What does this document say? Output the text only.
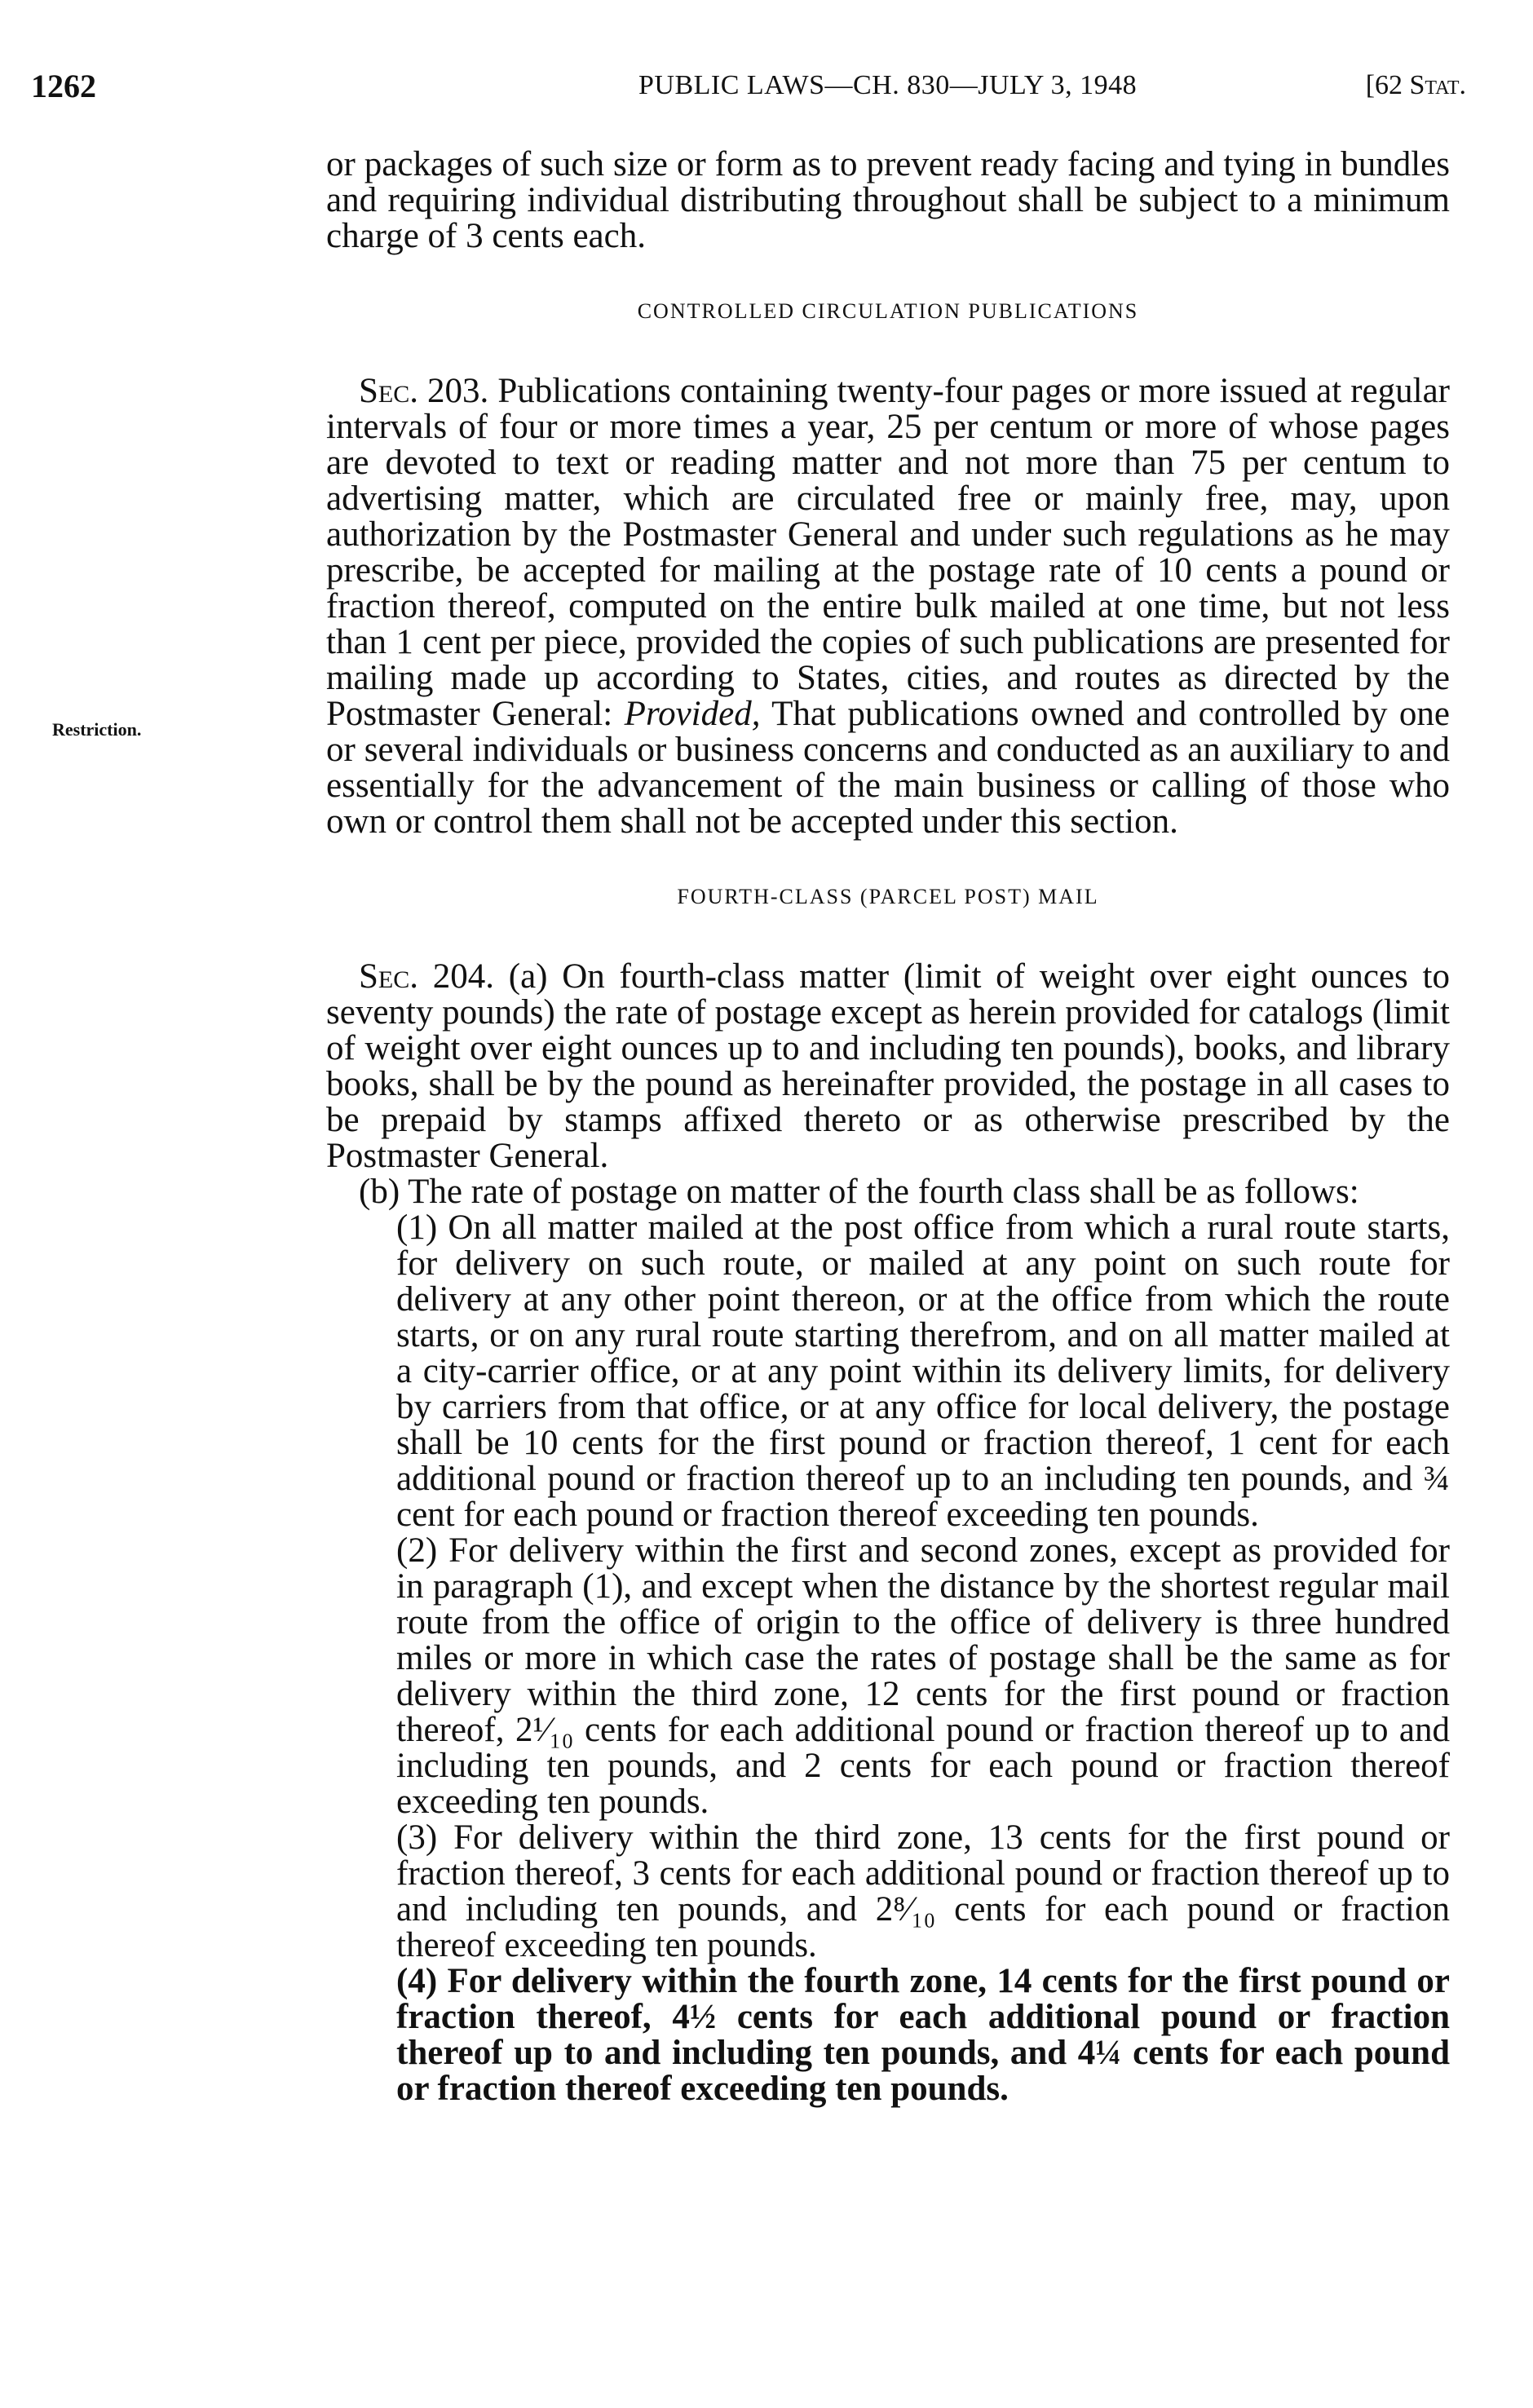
1262	PUBLIC LAWS—CH. 830—JULY 3, 1948	[62 Stat.
Restriction.

or packages of such size or form as to prevent ready facing and tying in bundles and requiring individual distributing throughout shall be subject to a minimum charge of 3 cents each.

CONTROLLED CIRCULATION PUBLICATIONS

Sec. 203. Publications containing twenty-four pages or more issued at regular intervals of four or more times a year, 25 per centum or more of whose pages are devoted to text or reading matter and not more than 75 per centum to advertising matter, which are circulated free or mainly free, may, upon authorization by the Postmaster General and under such regulations as he may prescribe, be accepted for mailing at the postage rate of 10 cents a pound or fraction thereof, computed on the entire bulk mailed at one time, but not less than 1 cent per piece, provided the copies of such publications are presented for mailing made up according to States, cities, and routes as directed by the Postmaster General: Provided, That publications owned and controlled by one or several individuals or business concerns and conducted as an auxiliary to and essentially for the advancement of the main business or calling of those who own or control them shall not be accepted under this section.

FOURTH-CLASS (PARCEL POST) MAIL

Sec. 204. (a) On fourth-class matter (limit of weight over eight ounces to seventy pounds) the rate of postage except as herein provided for catalogs (limit of weight over eight ounces up to and including ten pounds), books, and library books, shall be by the pound as hereinafter provided, the postage in all cases to be prepaid by stamps affixed thereto or as otherwise prescribed by the Postmaster General.

(b) The rate of postage on matter of the fourth class shall be as follows:

(1) On all matter mailed at the post office from which a rural route starts, for delivery on such route, or mailed at any point on such route for delivery at any other point thereon, or at the office from which the route starts, or on any rural route starting therefrom, and on all matter mailed at a city-carrier office, or at any point within its delivery limits, for delivery by carriers from that office, or at any office for local delivery, the postage shall be 10 cents for the first pound or fraction thereof, 1 cent for each additional pound or fraction thereof up to an including ten pounds, and ¾ cent for each pound or fraction thereof exceeding ten pounds.

(2) For delivery within the first and second zones, except as provided for in paragraph (1), and except when the distance by the shortest regular mail route from the office of origin to the office of delivery is three hundred miles or more in which case the rates of postage shall be the same as for delivery within the third zone, 12 cents for the first pound or fraction thereof, 2¹⁄₁₀ cents for each additional pound or fraction thereof up to and including ten pounds, and 2 cents for each pound or fraction thereof exceeding ten pounds.

(3) For delivery within the third zone, 13 cents for the first pound or fraction thereof, 3 cents for each additional pound or fraction thereof up to and including ten pounds, and 2⁸⁄₁₀ cents for each pound or fraction thereof exceeding ten pounds.

(4) For delivery within the fourth zone, 14 cents for the first pound or fraction thereof, 4½ cents for each additional pound or fraction thereof up to and including ten pounds, and 4¼ cents for each pound or fraction thereof exceeding ten pounds.
